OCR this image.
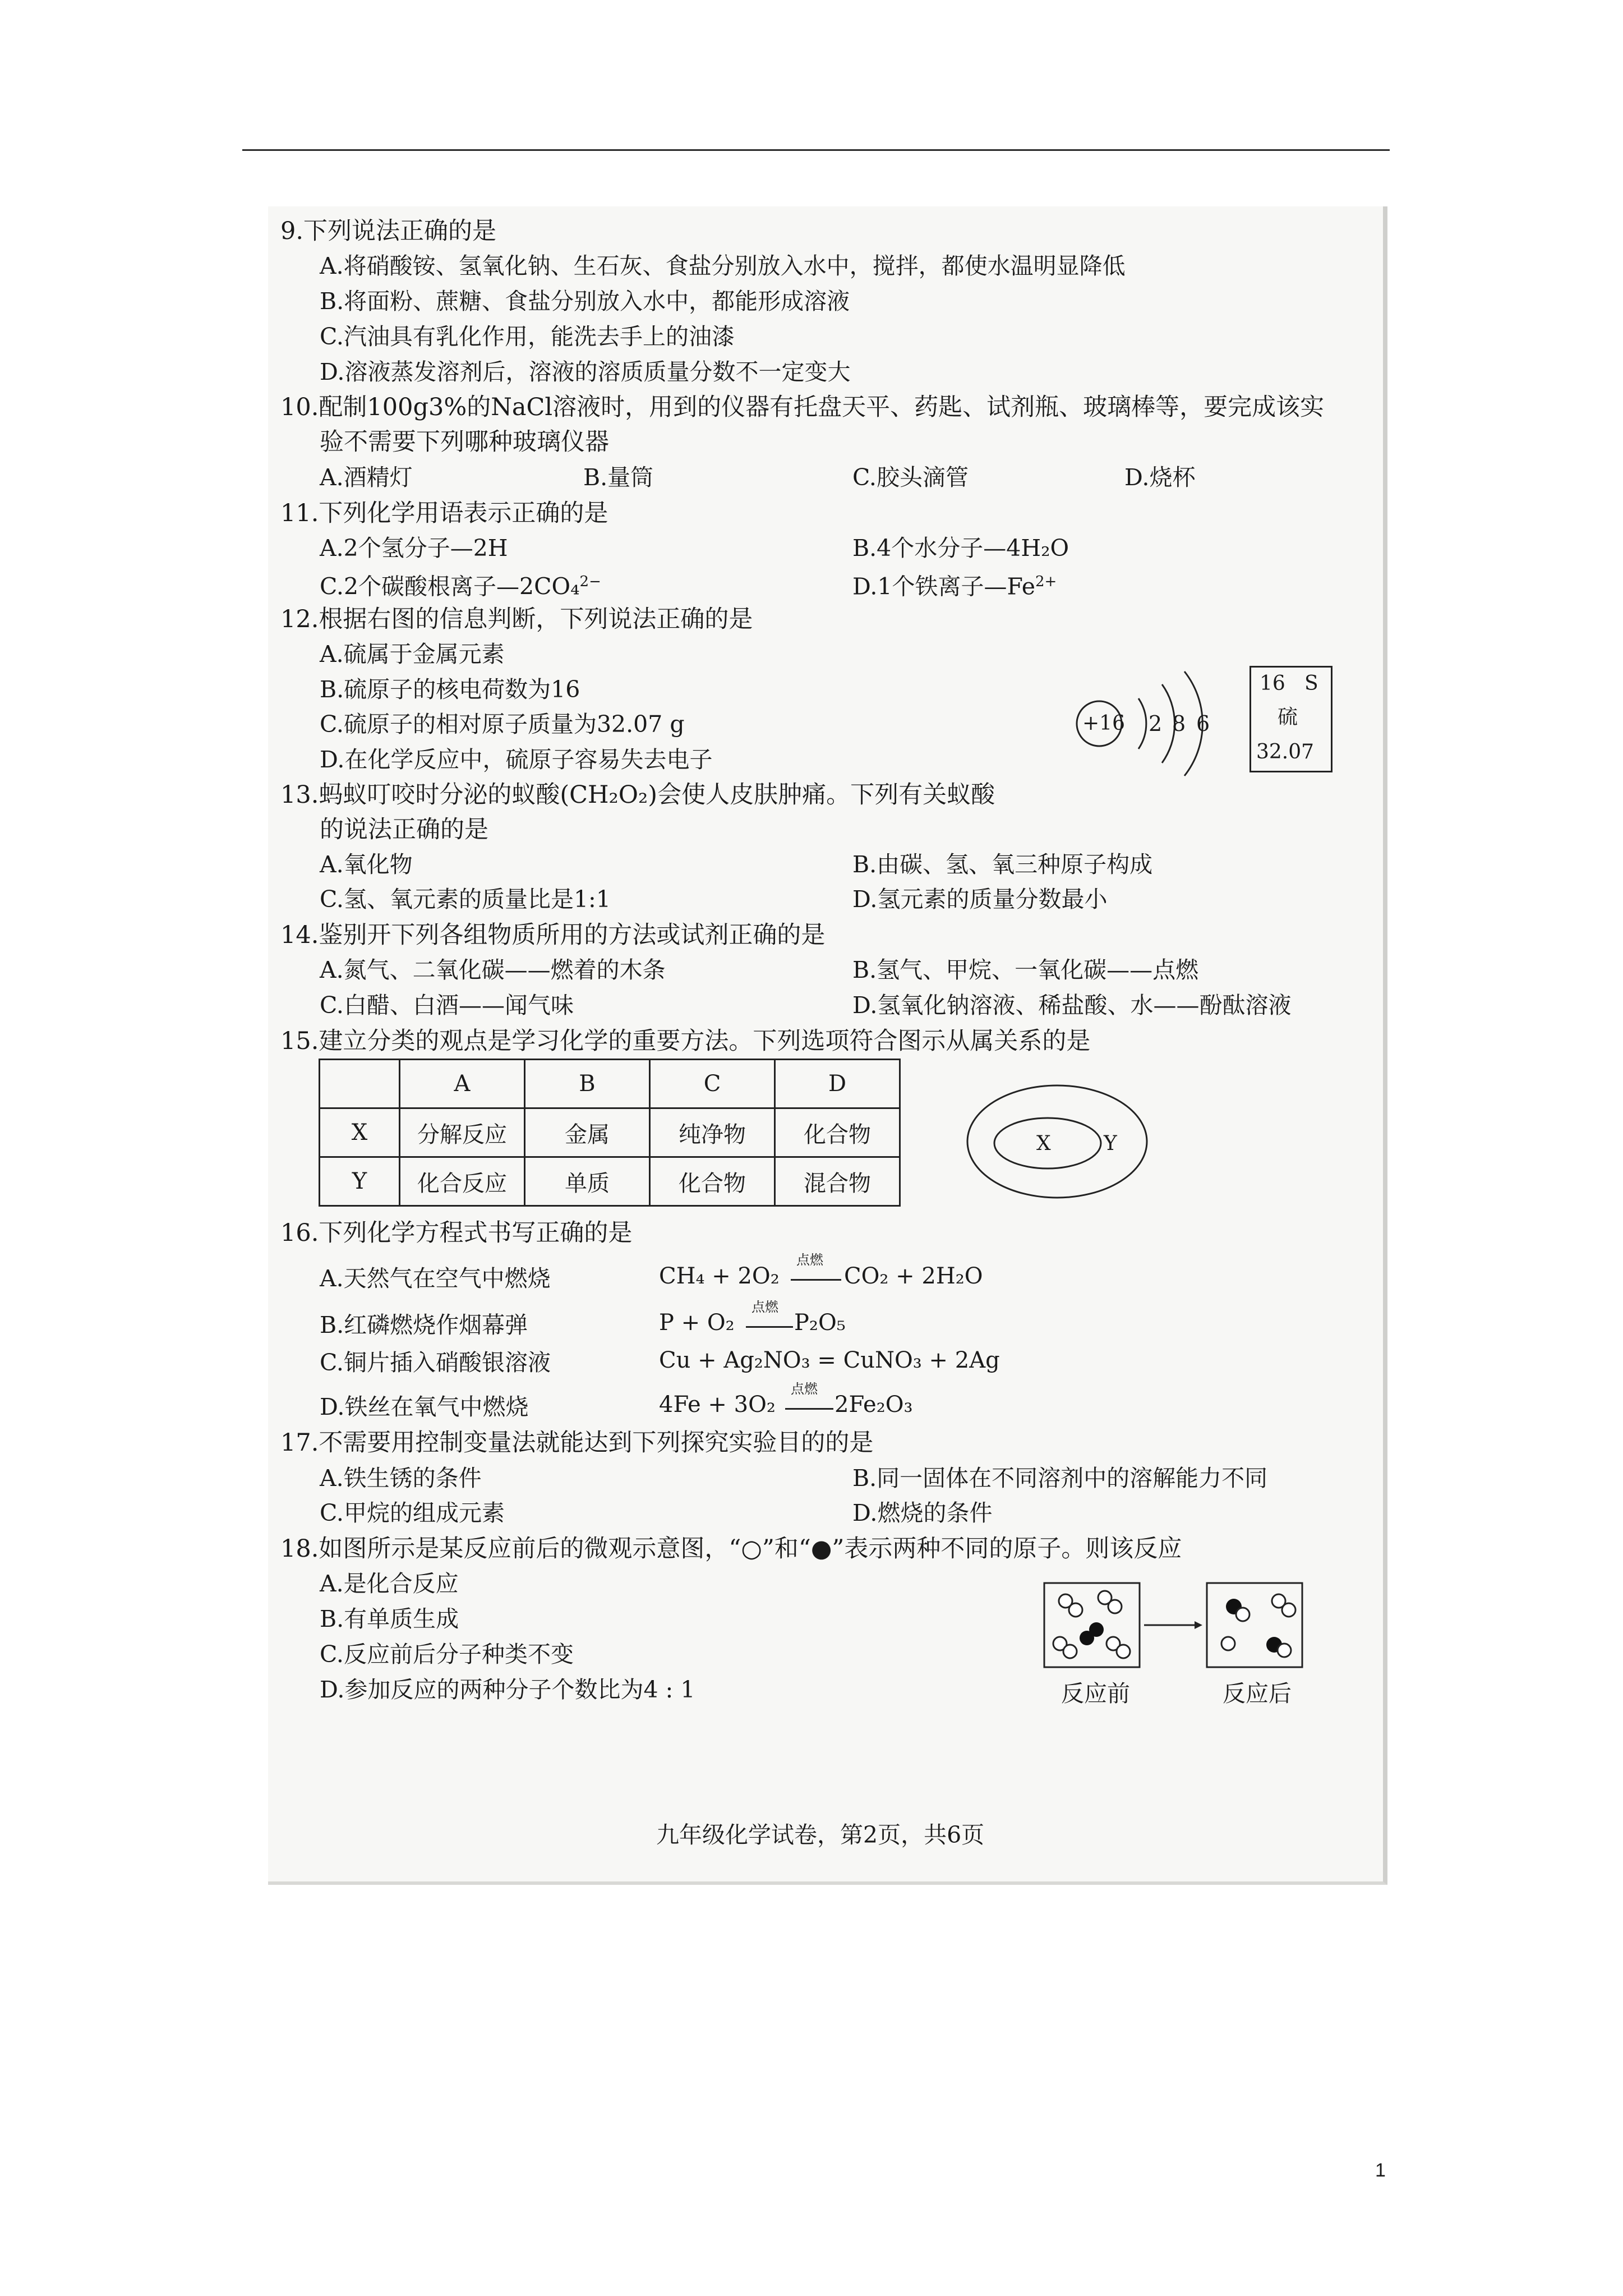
9.下列说法正确的是
A.将硝酸铵、氢氧化钠、生石灰、食盐分别放入水中，搅拌，都使水温明显降低
B.将面粉、蔗糖、食盐分别放入水中，都能形成溶液
C.汽油具有乳化作用，能洗去手上的油漆
D.溶液蒸发溶剂后，溶液的溶质质量分数不一定变大
10.配制100g3%的NaCl溶液时，用到的仪器有托盘天平、药匙、试剂瓶、玻璃棒等，要完成该实
验不需要下列哪种玻璃仪器
A.酒精灯	B.量筒	C.胶头滴管	D.烧杯
11.下列化学用语表示正确的是
A.2个氢分子—2H	B.4个水分子—4H₂O
C.2个碳酸根离子—2CO₄$^{2-}$	D.1个铁离子$—Fe^{2+}$
12.根据右图的信息判断，下列说法正确的是
A.硫属于金属元素
B.硫原子的核电荷数为16
C.硫原子的相对原子质量为32.07 g
D.在化学反应中，硫原子容易失去电子
+16 2 8 6
16 S
硫
32.07
13.蚂蚁叮咬时分泌的蚁酸(CH₂O₂)会使人皮肤肿痛。下列有关蚁酸
的说法正确的是
A.氧化物	B.由碳、氢、氧三种原子构成
C.氢、氧元素的质量比是1:1	D.氢元素的质量分数最小
14.鉴别开下列各组物质所用的方法或试剂正确的是
A.氮气、二氧化碳——燃着的木条	B.氢气、甲烷、一氧化碳——点燃
C.白醋、白酒——闻气味	D.氢氧化钠溶液、稀盐酸、水——酚酞溶液
15.建立分类的观点是学习化学的重要方法。下列选项符合图示从属关系的是
	A	B	C	D
X	分解反应	金属	纯净物	化合物
Y	化合反应	单质	化合物	混合物
X	Y
16.下列化学方程式书写正确的是
A.天然气在空气中燃烧	CH₄ + 2O₂
点燃
CO₂ + 2H₂O
B.红磷燃烧作烟幕弹	P + O₂
点燃
P₂O₅
C.铜片插入硝酸银溶液	Cu + Ag₂NO₃ = CuNO₃ + 2Ag
D.铁丝在氧气中燃烧	4Fe + 3O₂
点燃
2Fe₂O₃
17.不需要用控制变量法就能达到下列探究实验目的的是
A.铁生锈的条件	B.同一固体在不同溶剂中的溶解能力不同
C.甲烷的组成元素	D.燃烧的条件
18.如图所示是某反应前后的微观示意图，“○”和“●”表示两种不同的原子。则该反应
A.是化合反应
B.有单质生成
C.反应前后分子种类不变
D.参加反应的两种分子个数比为4 : 1	反应前	反应后
九年级化学试卷，第2页，共6页
1
